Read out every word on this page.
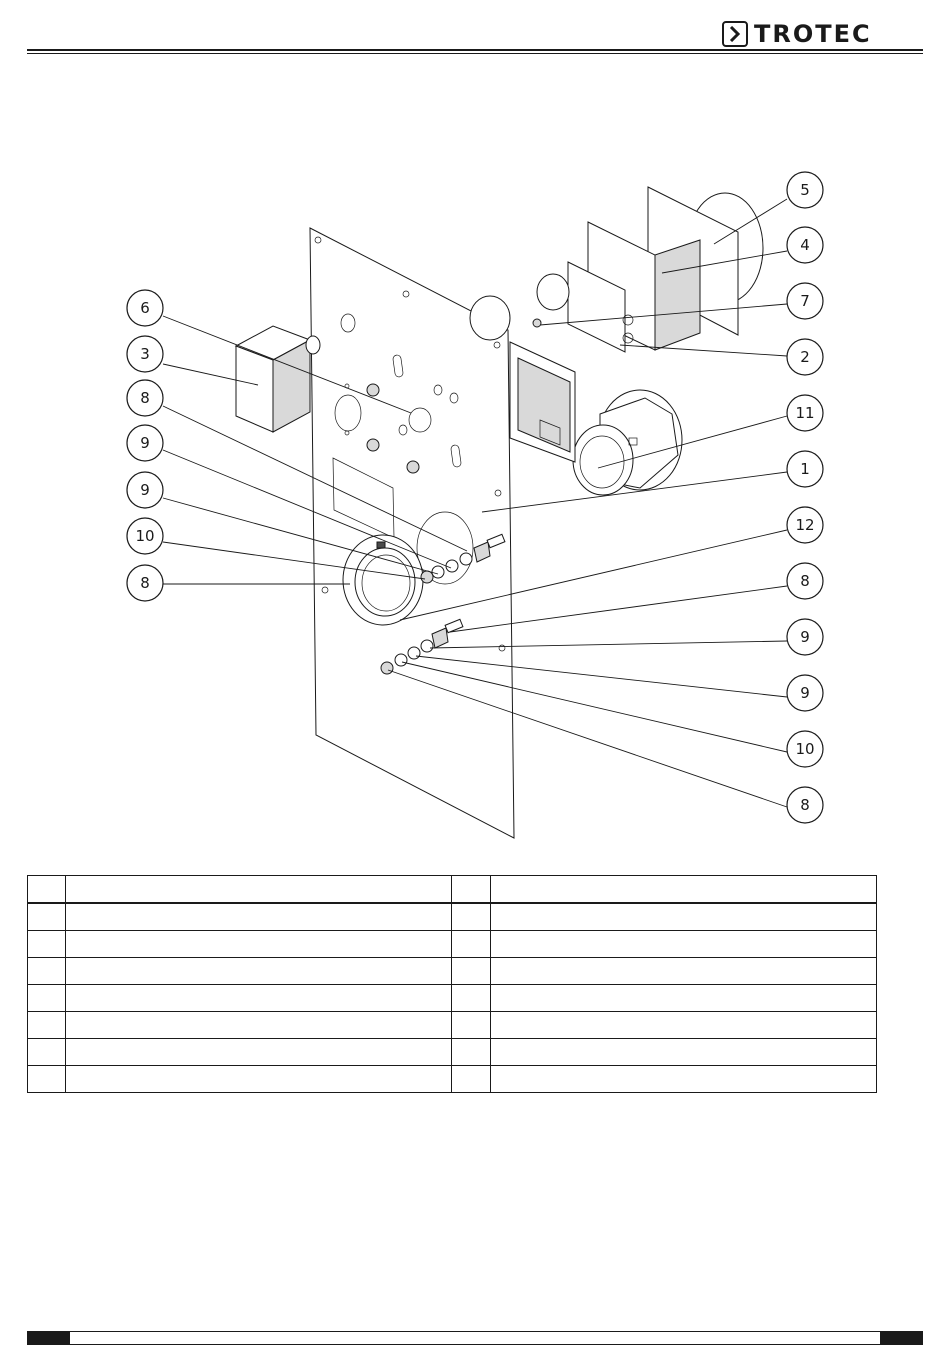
TROTEC
5
4
7
2
11
1
12
8
9
9
10
8
6
3
8
9
9
10
8
